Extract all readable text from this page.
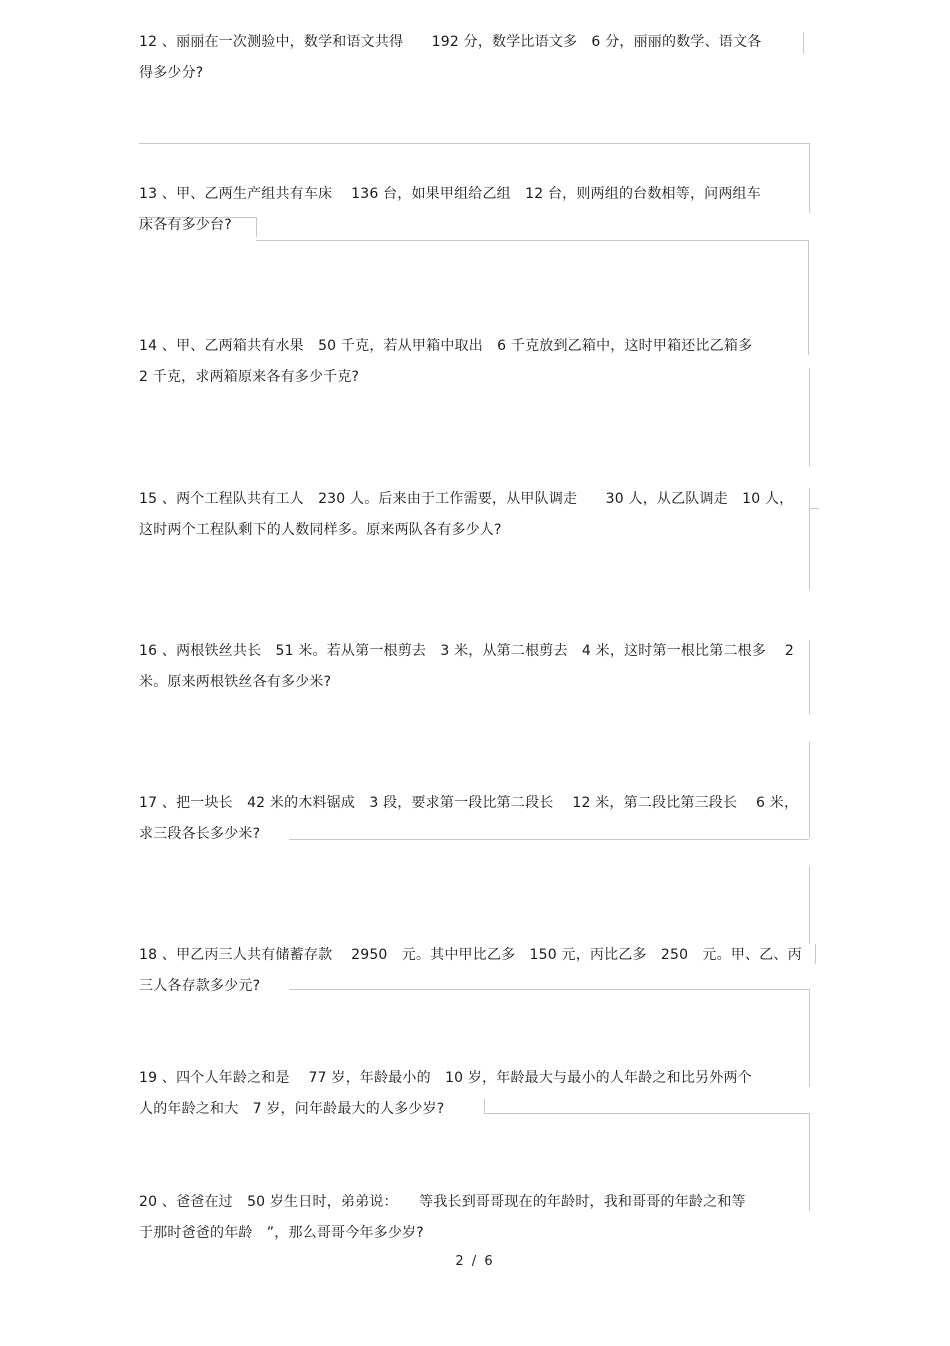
12 、丽丽在一次测验中，数学和语文共得　　192 分，数学比语文多　6 分，丽丽的数学、语文各
得多少分?
13 、甲、乙两生产组共有车床　 136 台，如果甲组给乙组　12 台，则两组的台数相等，问两组车
床各有多少台?
14 、甲、乙两箱共有水果　50 千克，若从甲箱中取出　6 千克放到乙箱中，这时甲箱还比乙箱多
2 千克，求两箱原来各有多少千克?
15 、两个工程队共有工人　230 人。后来由于工作需要，从甲队调走　　30 人，从乙队调走　10 人，
这时两个工程队剩下的人数同样多。原来两队各有多少人?
16 、两根铁丝共长　51 米。若从第一根剪去　3 米，从第二根剪去　4 米，这时第一根比第二根多　 2
米。原来两根铁丝各有多少米?
17 、把一块长　42 米的木料锯成　3 段，要求第一段比第二段长　 12 米，第二段比第三段长　 6 米，
求三段各长多少米?
18 、甲乙丙三人共有储蓄存款　 2950　元。其中甲比乙多　150 元，丙比乙多　250　元。甲、乙、丙
三人各存款多少元?
19 、四个人年龄之和是　 77 岁，年龄最小的　10 岁，年龄最大与最小的人年龄之和比另外两个
人的年龄之和大　7 岁，问年龄最大的人多少岁?
20 、爸爸在过　50 岁生日时，弟弟说：　　等我长到哥哥现在的年龄时，我和哥哥的年龄之和等
于那时爸爸的年龄　”，那么哥哥今年多少岁?
2 / 6
